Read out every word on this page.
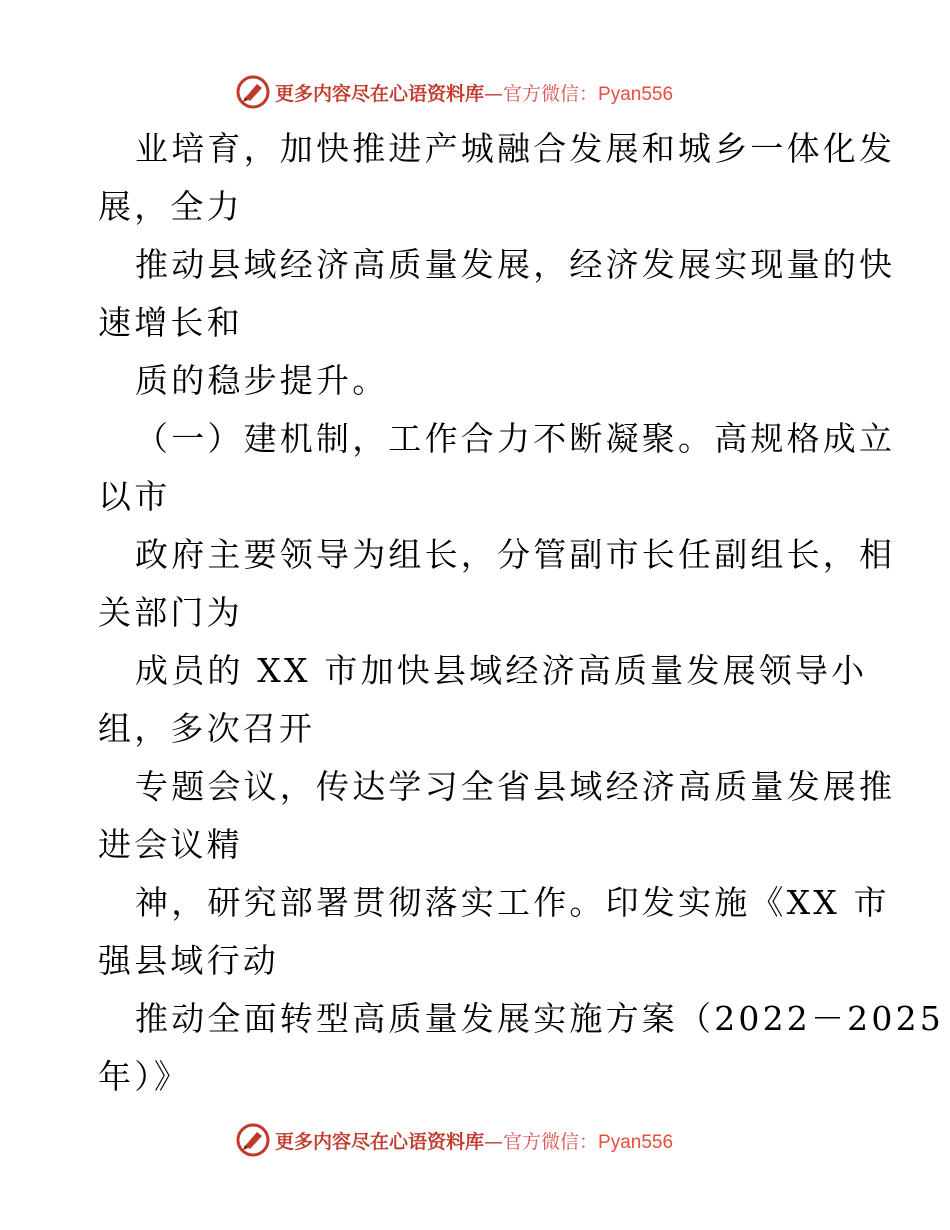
更多内容尽在心语资料库—官方微信：Pyan556
业培育，加快推进产城融合发展和城乡一体化发
展，全力
推动县域经济高质量发展，经济发展实现量的快
速增长和
质的稳步提升。
（一）建机制，工作合力不断凝聚。高规格成立
以市
政府主要领导为组长，分管副市长任副组长，相
关部门为
成员的 XX 市加快县域经济高质量发展领导小
组，多次召开
专题会议，传达学习全省县域经济高质量发展推
进会议精
神，研究部署贯彻落实工作。印发实施《XX 市
强县域行动
推动全面转型高质量发展实施方案（2022－2025
年）》
更多内容尽在心语资料库—官方微信：Pyan556
